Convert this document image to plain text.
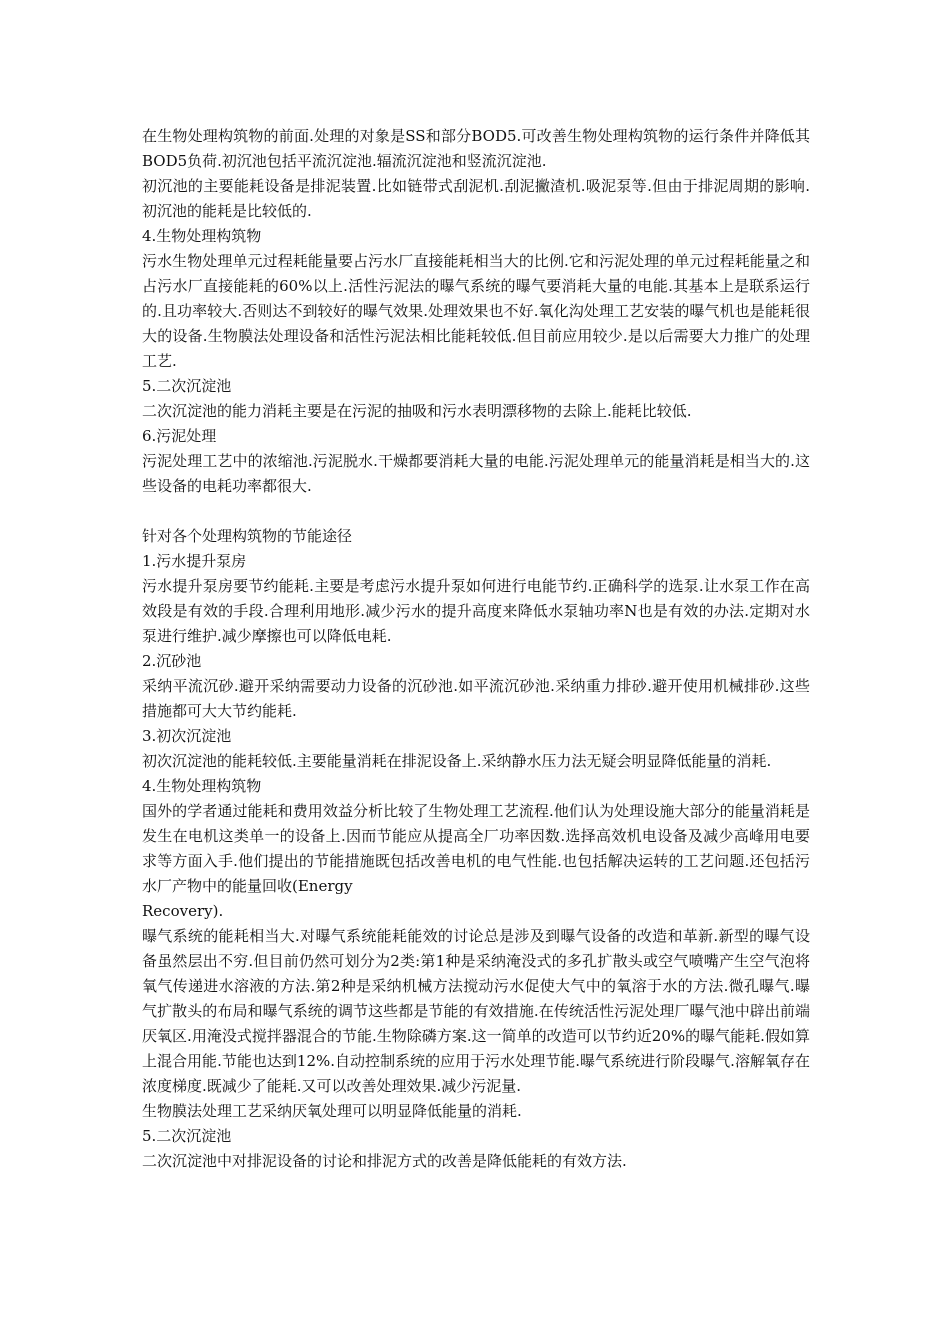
在生物处理构筑物的前面.处理的对象是SS和部分BOD5.可改善生物处理构筑物的运行条件并降低其BOD5负荷.初沉池包括平流沉淀池.辐流沉淀池和竖流沉淀池.

初沉池的主要能耗设备是排泥装置.比如链带式刮泥机.刮泥撇渣机.吸泥泵等.但由于排泥周期的影响.初沉池的能耗是比较低的.

4.生物处理构筑物

污水生物处理单元过程耗能量要占污水厂直接能耗相当大的比例.它和污泥处理的单元过程耗能量之和占污水厂直接能耗的60%以上.活性污泥法的曝气系统的曝气要消耗大量的电能.其基本上是联系运行的.且功率较大.否则达不到较好的曝气效果.处理效果也不好.氧化沟处理工艺安装的曝气机也是能耗很大的设备.生物膜法处理设备和活性污泥法相比能耗较低.但目前应用较少.是以后需要大力推广的处理工艺.

5.二次沉淀池

二次沉淀池的能力消耗主要是在污泥的抽吸和污水表明漂移物的去除上.能耗比较低.

6.污泥处理

污泥处理工艺中的浓缩池.污泥脱水.干燥都要消耗大量的电能.污泥处理单元的能量消耗是相当大的.这些设备的电耗功率都很大.

针对各个处理构筑物的节能途径

1.污水提升泵房

污水提升泵房要节约能耗.主要是考虑污水提升泵如何进行电能节约.正确科学的选泵.让水泵工作在高效段是有效的手段.合理利用地形.减少污水的提升高度来降低水泵轴功率N也是有效的办法.定期对水泵进行维护.减少摩擦也可以降低电耗.

2.沉砂池

采纳平流沉砂.避开采纳需要动力设备的沉砂池.如平流沉砂池.采纳重力排砂.避开使用机械排砂.这些措施都可大大节约能耗.

3.初次沉淀池

初次沉淀池的能耗较低.主要能量消耗在排泥设备上.采纳静水压力法无疑会明显降低能量的消耗.

4.生物处理构筑物

国外的学者通过能耗和费用效益分析比较了生物处理工艺流程.他们认为处理设施大部分的能量消耗是发生在电机这类单一的设备上.因而节能应从提高全厂功率因数.选择高效机电设备及减少高峰用电要求等方面入手.他们提出的节能措施既包括改善电机的电气性能.也包括解决运转的工艺问题.还包括污水厂产物中的能量回收(Energy

Recovery).

曝气系统的能耗相当大.对曝气系统能耗能效的讨论总是涉及到曝气设备的改造和革新.新型的曝气设备虽然层出不穷.但目前仍然可划分为2类:第1种是采纳淹没式的多孔扩散头或空气喷嘴产生空气泡将氧气传递进水溶液的方法.第2种是采纳机械方法搅动污水促使大气中的氧溶于水的方法.微孔曝气.曝气扩散头的布局和曝气系统的调节这些都是节能的有效措施.在传统活性污泥处理厂曝气池中辟出前端厌氧区.用淹没式搅拌器混合的节能.生物除磷方案.这一简单的改造可以节约近20%的曝气能耗.假如算上混合用能.节能也达到12%.自动控制系统的应用于污水处理节能.曝气系统进行阶段曝气.溶解氧存在浓度梯度.既减少了能耗.又可以改善处理效果.减少污泥量.

生物膜法处理工艺采纳厌氧处理可以明显降低能量的消耗.

5.二次沉淀池

二次沉淀池中对排泥设备的讨论和排泥方式的改善是降低能耗的有效方法.
